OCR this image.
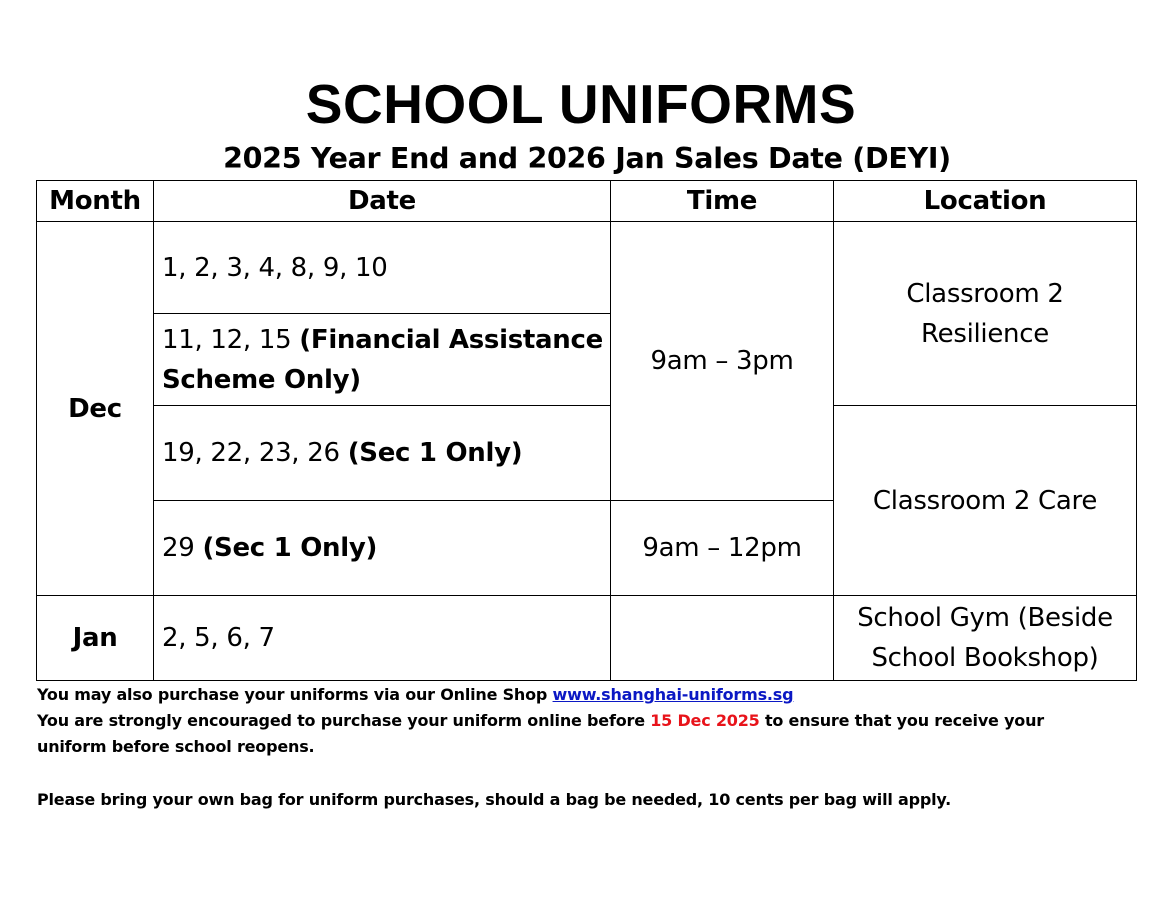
SCHOOL UNIFORMS
2025 Year End and 2026 Jan Sales Date (DEYI)
Month	Date	Time	Location
Dec	1, 2, 3, 4, 8, 9, 10	9am – 3pm	Classroom 2 Resilience
	11, 12, 15 (Financial Assistance Scheme Only)		
	19, 22, 23, 26 (Sec 1 Only)		Classroom 2 Care
	29 (Sec 1 Only)	9am – 12pm	
Jan	2, 5, 6, 7		School Gym (Beside School Bookshop)

You may also purchase your uniforms via our Online Shop www.shanghai-uniforms.sg

You are strongly encouraged to purchase your uniform online before 15 Dec 2025 to ensure that you receive your uniform before school reopens.

Please bring your own bag for uniform purchases, should a bag be needed, 10 cents per bag will apply.
